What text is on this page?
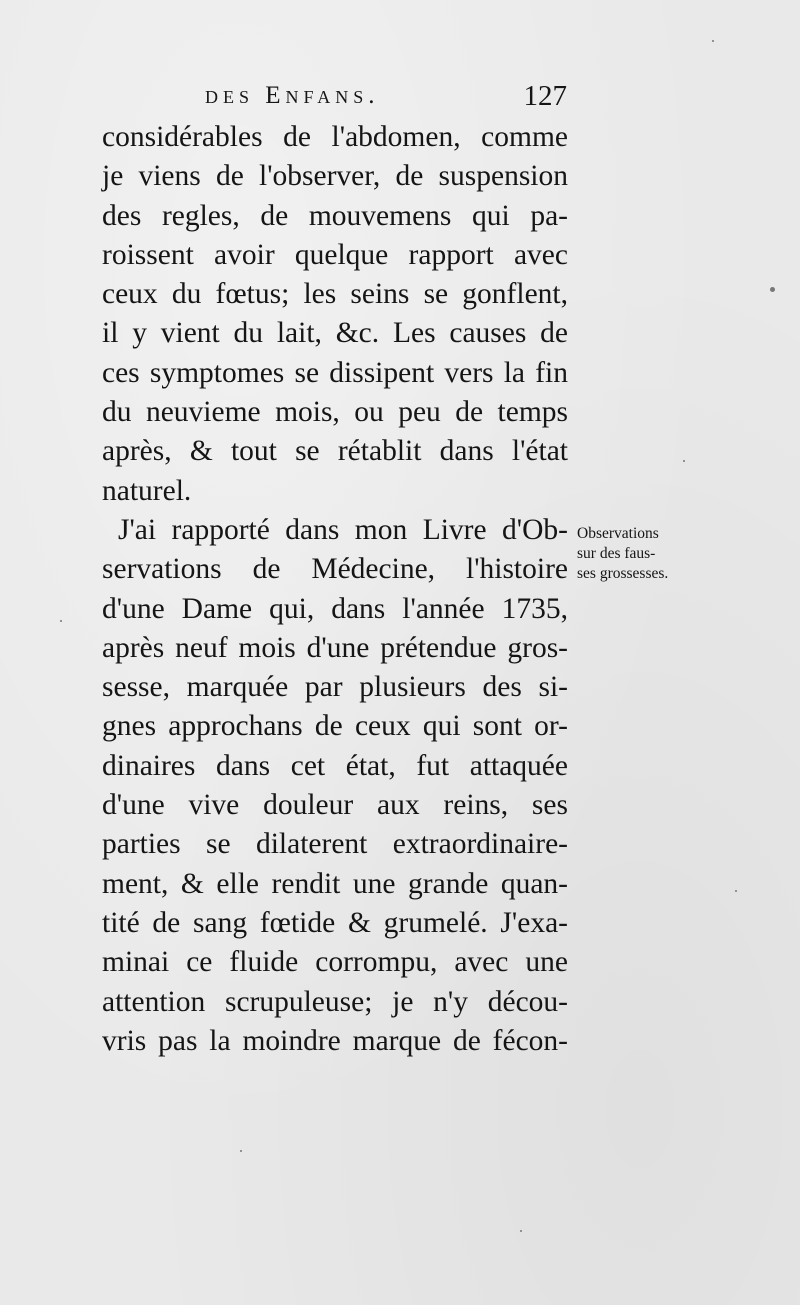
des Enfans.	127
considérables de l'abdomen, comme
je viens de l'observer, de suspension
des regles, de mouvemens qui pa-
roissent avoir quelque rapport avec
ceux du fœtus; les seins se gonflent,
il y vient du lait, &c. Les causes de
ces symptomes se dissipent vers la fin
du neuvieme mois, ou peu de temps
après, & tout se rétablit dans l'état
naturel.
J'ai rapporté dans mon Livre d'Ob-
servations de Médecine, l'histoire
d'une Dame qui, dans l'année 1735,
après neuf mois d'une prétendue gros-
sesse, marquée par plusieurs des si-
gnes approchans de ceux qui sont or-
dinaires dans cet état, fut attaquée
d'une vive douleur aux reins, ses
parties se dilaterent extraordinaire-
ment, & elle rendit une grande quan-
tité de sang fœtide & grumelé. J'exa-
minai ce fluide corrompu, avec une
attention scrupuleuse; je n'y décou-
vris pas la moindre marque de fécon-
Observations
sur des faus-
ses grossesses.
